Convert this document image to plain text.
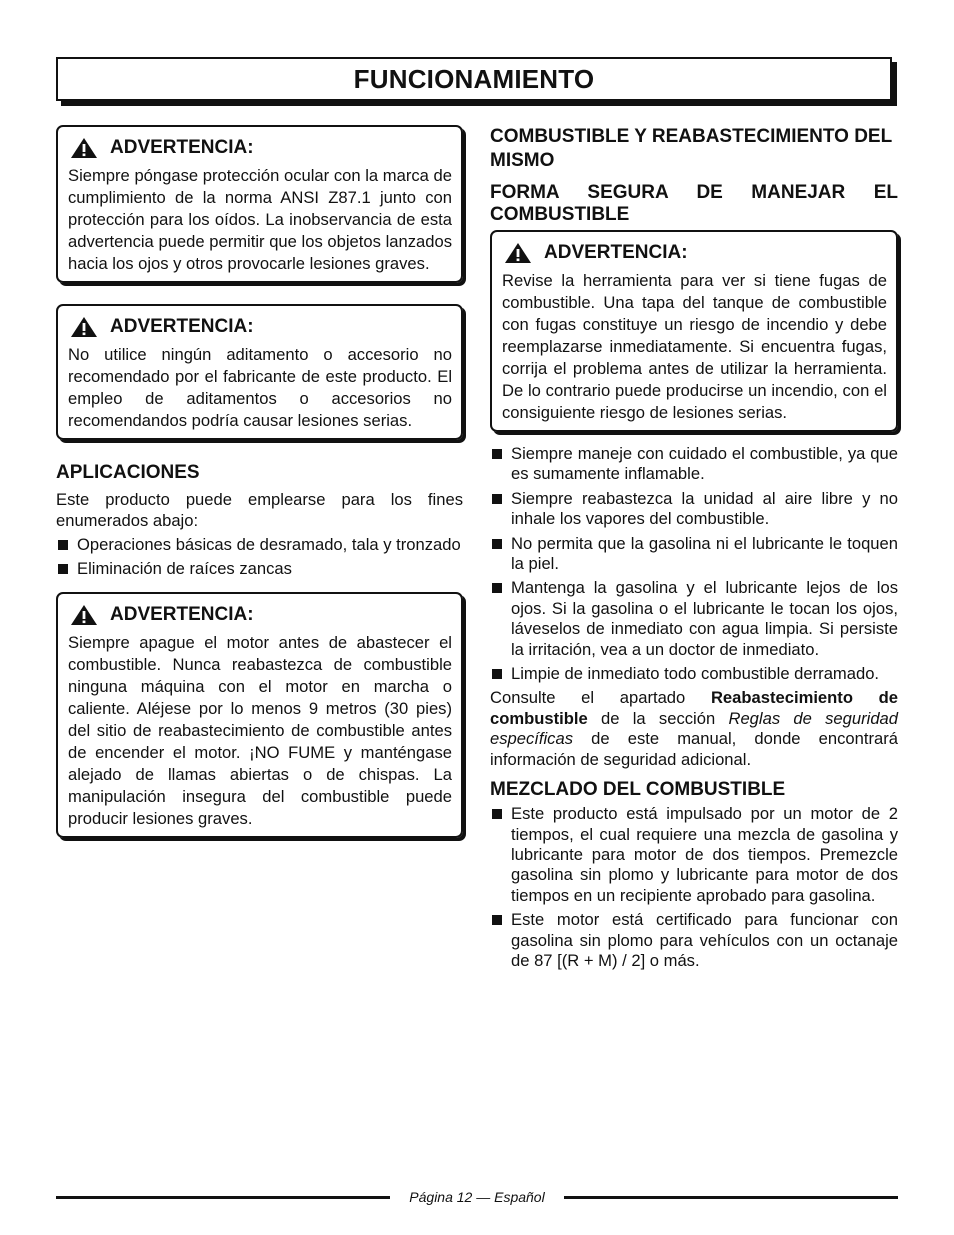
FUNCIONAMIENTO
ADVERTENCIA:

Siempre póngase protección ocular con la marca de cumplimiento de la norma ANSI Z87.1 junto con protección para los oídos. La inobservancia de esta advertencia puede permitir que los objetos lanzados hacia los ojos y otros provocarle lesiones graves.

ADVERTENCIA:

No utilice ningún aditamento o accesorio no recomendado por el fabricante de este producto. El empleo de aditamentos o accesorios no recomendandos podría causar lesiones serias.

APLICACIONES

Este producto puede emplearse para los fines enumerados abajo:

Operaciones básicas de desramado, tala y tronzado
Eliminación de raíces zancas
ADVERTENCIA:

Siempre apague el motor antes de abastecer el combustible. Nunca reabastezca de combustible ninguna máquina con el motor en marcha o caliente. Aléjese por lo menos 9 metros (30 pies) del sitio de reabastecimiento de combustible antes de encender el motor. ¡NO FUME y manténgase alejado de llamas abiertas o de chispas. La manipulación insegura del combustible puede producir lesiones graves.

COMBUSTIBLE Y REABASTECIMIENTO DEL MISMO
FORMA SEGURA DE MANEJAR EL COMBUSTIBLE
ADVERTENCIA:

Revise la herramienta para ver si tiene fugas de combustible. Una tapa del tanque de combustible con fugas constituye un riesgo de incendio y debe reemplazarse inmediatamente. Si encuentra fugas, corrija el problema antes de utilizar la herramienta. De lo contrario puede producirse un incendio, con el consiguiente riesgo de lesiones serias.

Siempre maneje con cuidado el combustible, ya que es sumamente inflamable.
Siempre reabastezca la unidad al aire libre y no inhale los vapores del combustible.
No permita que la gasolina ni el lubricante le toquen la piel.
Mantenga la gasolina y el lubricante lejos de los ojos. Si la gasolina o el lubricante le tocan los ojos, láveselos de inmediato con agua limpia. Si persiste la irritación, vea a un doctor de inmediato.
Limpie de inmediato todo combustible derramado.

Consulte el apartado Reabastecimiento de combustible de la sección Reglas de seguridad específicas de este manual, donde encontrará información de seguridad adicional.

MEZCLADO DEL COMBUSTIBLE
Este producto está impulsado por un motor de 2 tiempos, el cual requiere una mezcla de gasolina y lubricante para motor de dos tiempos. Premezcle gasolina sin plomo y lubricante para motor de dos tiempos en un recipiente aprobado para gasolina.
Este motor está certificado para funcionar con gasolina sin plomo para vehículos con un octanaje de 87 [(R + M) / 2] o más.
Página 12 — Español
